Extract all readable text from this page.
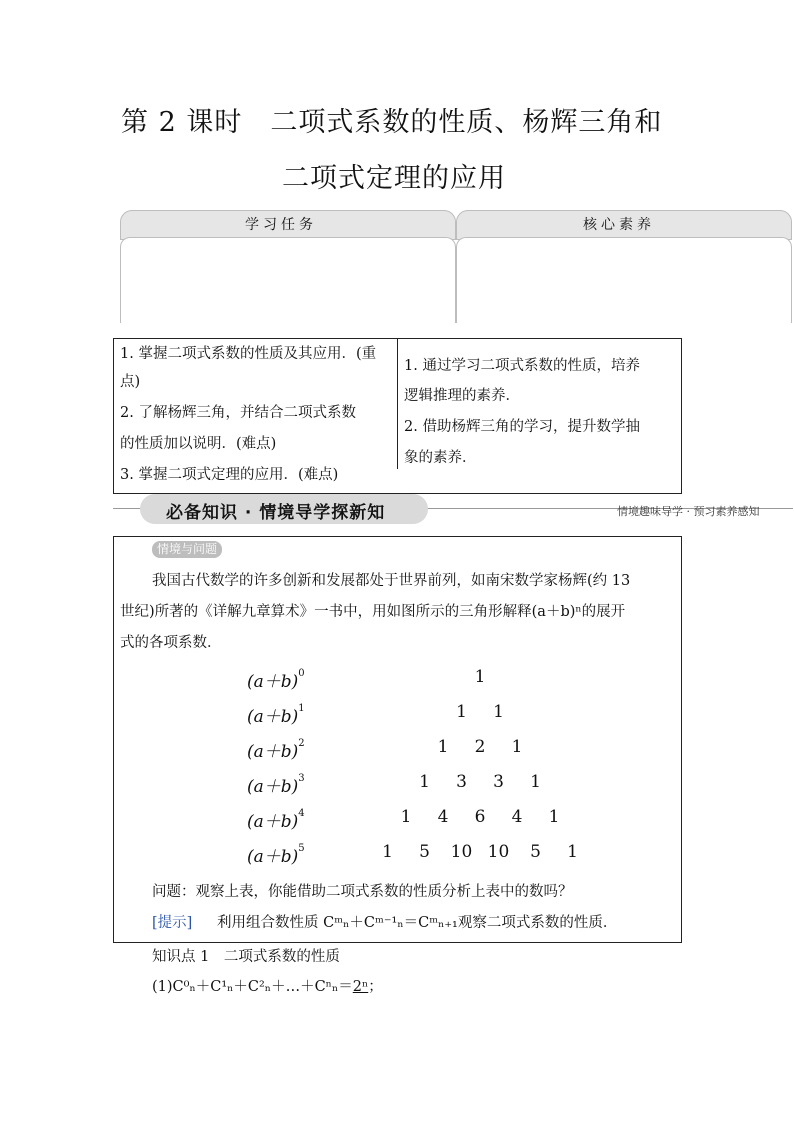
第 2 课时　二项式系数的性质、杨辉三角和
二项式定理的应用
学习任务	核心素养
1. 掌握二项式系数的性质及其应用．(重
点)
2. 了解杨辉三角，并结合二项式系数
的性质加以说明．(难点)
3. 掌握二项式定理的应用．(难点)
1. 通过学习二项式系数的性质，培养
逻辑推理的素养．
2. 借助杨辉三角的学习，提升数学抽
象的素养．
必备知识 · 情境导学探新知	情境趣味导学 · 预习素养感知
情境与问题
我国古代数学的许多创新和发展都处于世界前列，如南宋数学家杨辉(约 13
世纪)所著的《详解九章算术》一书中，用如图所示的三角形解释(a＋b)ⁿ的展开
式的各项系数．
$(a+b)^0$	1
$(a+b)^1$	1 1
$(a+b)^2$	1 2 1
$(a+b)^3$	1 3 3 1
$(a+b)^4$	1 4 6 4 1
$(a+b)^5$	1 5 10 10 5 1
问题：观察上表，你能借助二项式系数的性质分析上表中的数吗？
[提示] 利用组合数性质 Cᵐₙ＋Cᵐ⁻¹ₙ＝Cᵐₙ₊₁观察二项式系数的性质．
知识点 1　二项式系数的性质
(1)C⁰ₙ＋C¹ₙ＋C²ₙ＋…＋Cⁿₙ＝2ⁿ；
